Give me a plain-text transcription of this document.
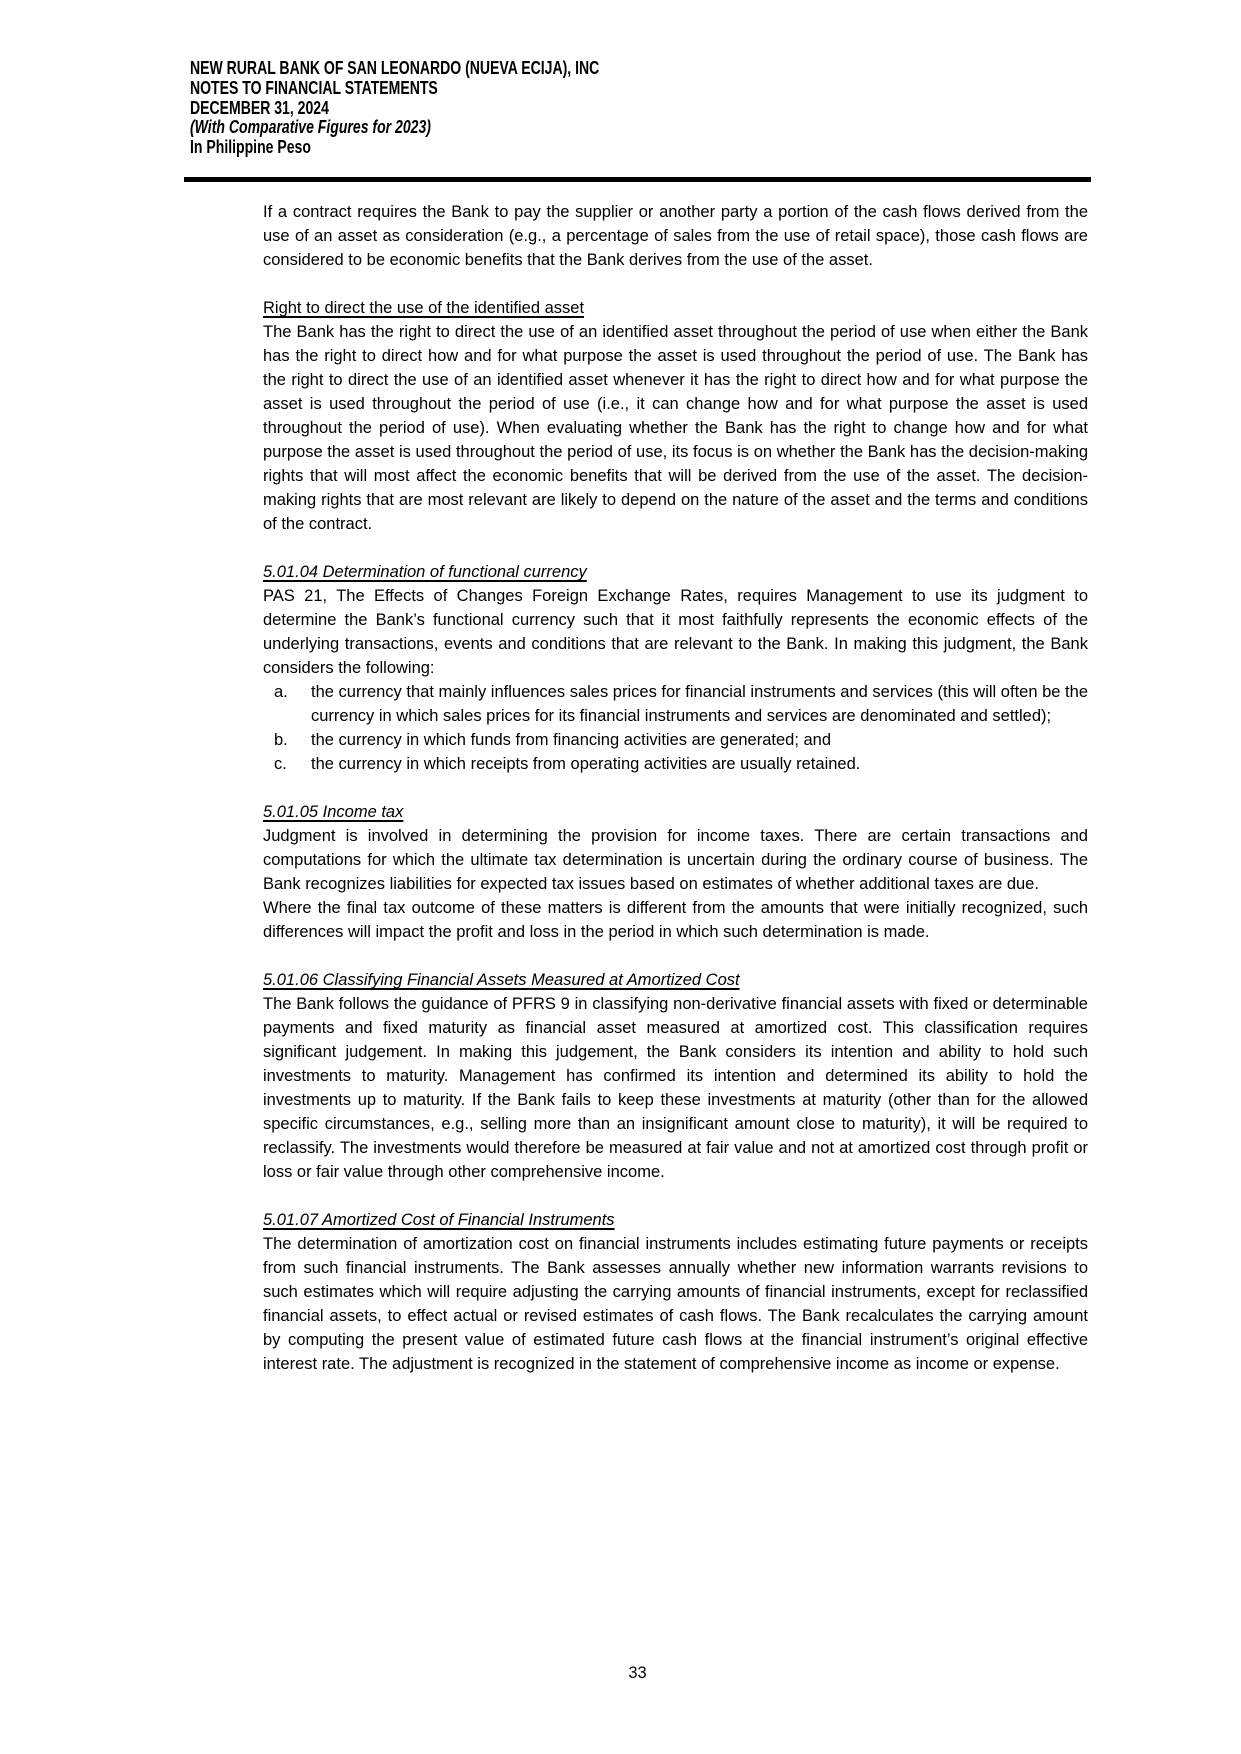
NEW RURAL BANK OF SAN LEONARDO (NUEVA ECIJA), INC
NOTES TO FINANCIAL STATEMENTS
DECEMBER 31, 2024
(With Comparative Figures for 2023)
In Philippine Peso

If a contract requires the Bank to pay the supplier or another party a portion of the cash flows derived from the use of an asset as consideration (e.g., a percentage of sales from the use of retail space), those cash flows are considered to be economic benefits that the Bank derives from the use of the asset.

Right to direct the use of the identified asset

The Bank has the right to direct the use of an identified asset throughout the period of use when either the Bank has the right to direct how and for what purpose the asset is used throughout the period of use. The Bank has the right to direct the use of an identified asset whenever it has the right to direct how and for what purpose the asset is used throughout the period of use (i.e., it can change how and for what purpose the asset is used throughout the period of use). When evaluating whether the Bank has the right to change how and for what purpose the asset is used throughout the period of use, its focus is on whether the Bank has the decision-making rights that will most affect the economic benefits that will be derived from the use of the asset. The decision-making rights that are most relevant are likely to depend on the nature of the asset and the terms and conditions of the contract.

5.01.04 Determination of functional currency

PAS 21, The Effects of Changes Foreign Exchange Rates, requires Management to use its judgment to determine the Bank’s functional currency such that it most faithfully represents the economic effects of the underlying transactions, events and conditions that are relevant to the Bank. In making this judgment, the Bank considers the following:

a.	the currency that mainly influences sales prices for financial instruments and services (this will often be the currency in which sales prices for its financial instruments and services are denominated and settled);
b.	the currency in which funds from financing activities are generated; and
c.	the currency in which receipts from operating activities are usually retained.
5.01.05 Income tax

Judgment is involved in determining the provision for income taxes. There are certain transactions and computations for which the ultimate tax determination is uncertain during the ordinary course of business. The Bank recognizes liabilities for expected tax issues based on estimates of whether additional taxes are due.

Where the final tax outcome of these matters is different from the amounts that were initially recognized, such differences will impact the profit and loss in the period in which such determination is made.

5.01.06 Classifying Financial Assets Measured at Amortized Cost

The Bank follows the guidance of PFRS 9 in classifying non-derivative financial assets with fixed or determinable payments and fixed maturity as financial asset measured at amortized cost. This classification requires significant judgement. In making this judgement, the Bank considers its intention and ability to hold such investments to maturity. Management has confirmed its intention and determined its ability to hold the investments up to maturity. If the Bank fails to keep these investments at maturity (other than for the allowed specific circumstances, e.g., selling more than an insignificant amount close to maturity), it will be required to reclassify. The investments would therefore be measured at fair value and not at amortized cost through profit or loss or fair value through other comprehensive income.

5.01.07 Amortized Cost of Financial Instruments

The determination of amortization cost on financial instruments includes estimating future payments or receipts from such financial instruments. The Bank assesses annually whether new information warrants revisions to such estimates which will require adjusting the carrying amounts of financial instruments, except for reclassified financial assets, to effect actual or revised estimates of cash flows. The Bank recalculates the carrying amount by computing the present value of estimated future cash flows at the financial instrument’s original effective interest rate. The adjustment is recognized in the statement of comprehensive income as income or expense.

33
